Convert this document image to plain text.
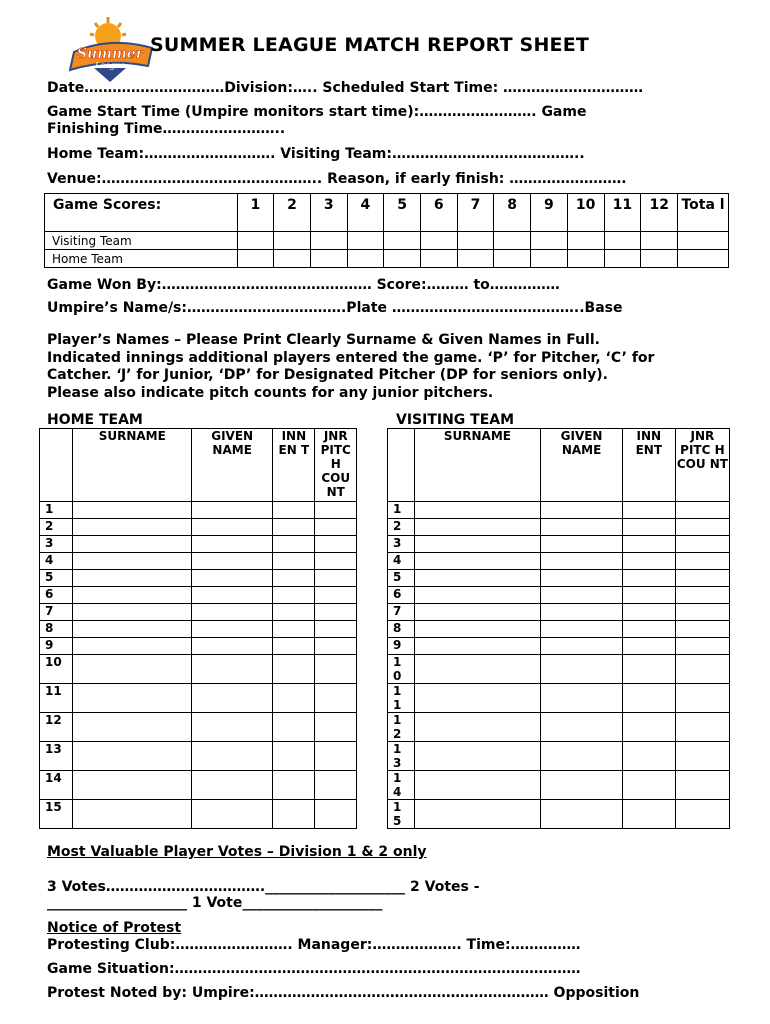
Summer
League
SUMMER LEAGUE MATCH REPORT SHEET
Date…………………………Division:….. Scheduled Start Time: …………………………
Game Start Time (Umpire monitors start time):……………………. Game
Finishing Time……………………..
Home Team:………………………. Visiting Team:…………………………………..
Venue:……………………………………….. Reason, if early finish: …………………….
Game Scores:	1	2	3	4	5	6	7	8	9	10	11	12	Tota l
Visiting Team													
Home Team													
Game Won By:……………………………………… Score:……… to……………
Umpire’s Name/s:…………………………….Plate …………………………………..Base
Player’s Names – Please Print Clearly Surname & Given Names in Full.
Indicated innings additional players entered the game. ‘P’ for Pitcher, ‘C’ for
Catcher. ‘J’ for Junior, ‘DP’ for Designated Pitcher (DP for seniors only).
Please also indicate pitch counts for any junior pitchers.
HOME TEAM	VISITING TEAM
	SURNAME	GIVEN NAME	INN EN T	JNR PITC H COU NT
1				
2				
3				
4				
5				
6				
7				
8				
9				
10				
11				
12				
13				
14				
15				
	SURNAME	GIVEN NAME	INN ENT	JNR PITC H COU NT
1				
2				
3				
4				
5				
6				
7				
8				
9				
1 0				
1 1				
1 2				
1 3				
1 4				
1 5				
Most Valuable Player Votes – Division 1 & 2 only
3 Votes…………………………….____________________ 2 Votes -
____________________ 1 Vote____________________
Notice of Protest
Protesting Club:……………………. Manager:………………. Time:……………
Game Situation:……………………………………………………………………………
Protest Noted by: Umpire:……………………………………………………… Opposition
